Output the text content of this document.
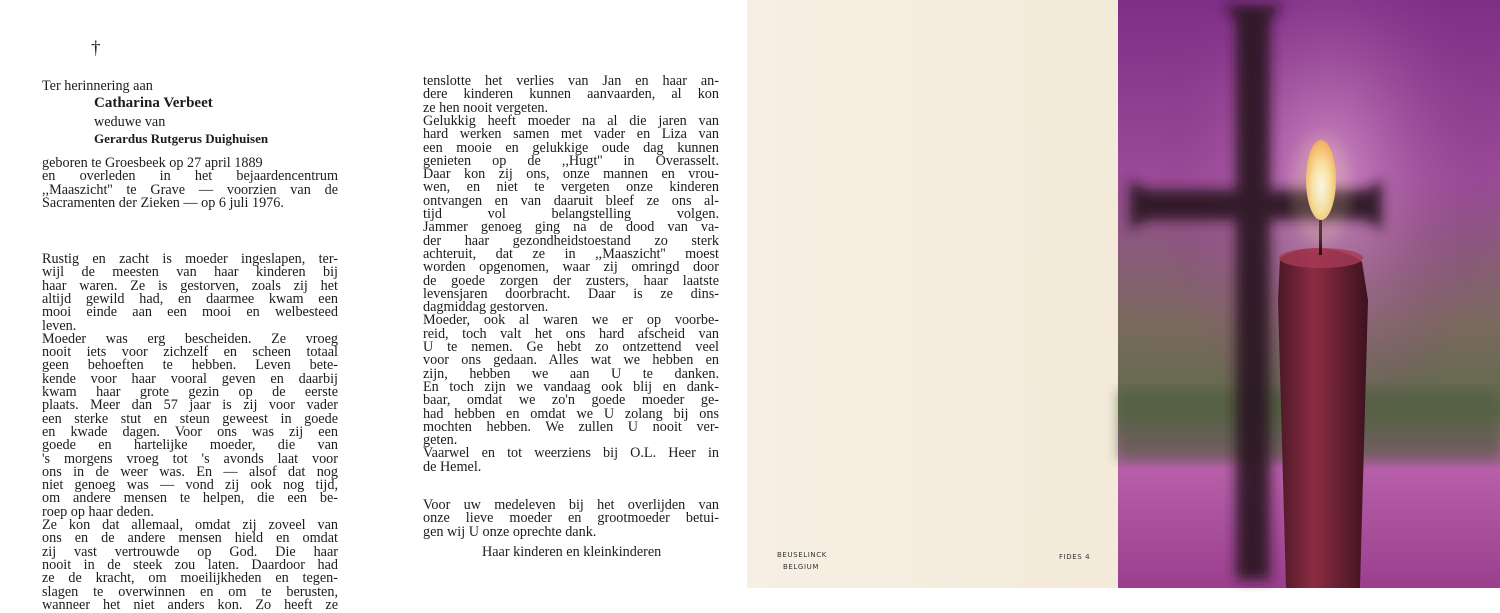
†
Ter herinnering aan
Catharina Verbeet
weduwe van
Gerardus Rutgerus Duighuisen
geboren te Groesbeek op 27 april 1889
en overleden in het bejaardencentrum
,,Maaszicht'' te Grave — voorzien van de
Sacramenten der Zieken — op 6 juli 1976.
Rustig en zacht is moeder ingeslapen, ter-
wijl de meesten van haar kinderen bij
haar waren. Ze is gestorven, zoals zij het
altijd gewild had, en daarmee kwam een
mooi einde aan een mooi en welbesteed
leven.
Moeder was erg bescheiden. Ze vroeg
nooit iets voor zichzelf en scheen totaal
geen behoeften te hebben. Leven bete-
kende voor haar vooral geven en daarbij
kwam haar grote gezin op de eerste
plaats. Meer dan 57 jaar is zij voor vader
een sterke stut en steun geweest in goede
en kwade dagen. Voor ons was zij een
goede en hartelijke moeder, die van
's morgens vroeg tot 's avonds laat voor
ons in de weer was. En — alsof dat nog
niet genoeg was — vond zij ook nog tijd,
om andere mensen te helpen, die een be-
roep op haar deden.
Ze kon dat allemaal, omdat zij zoveel van
ons en de andere mensen hield en omdat
zij vast vertrouwde op God. Die haar
nooit in de steek zou laten. Daardoor had
ze de kracht, om moeilijkheden en tegen-
slagen te overwinnen en om te berusten,
wanneer het niet anders kon. Zo heeft ze
tenslotte het verlies van Jan en haar an-
dere kinderen kunnen aanvaarden, al kon
ze hen nooit vergeten.
Gelukkig heeft moeder na al die jaren van
hard werken samen met vader en Liza van
een mooie en gelukkige oude dag kunnen
genieten op de ,,Hugt'' in Overasselt.
Daar kon zij ons, onze mannen en vrou-
wen, en niet te vergeten onze kinderen
ontvangen en van daaruit bleef ze ons al-
tijd vol belangstelling volgen.
Jammer genoeg ging na de dood van va-
der haar gezondheidstoestand zo sterk
achteruit, dat ze in ,,Maaszicht'' moest
worden opgenomen, waar zij omringd door
de goede zorgen der zusters, haar laatste
levensjaren doorbracht. Daar is ze dins-
dagmiddag gestorven.
Moeder, ook al waren we er op voorbe-
reid, toch valt het ons hard afscheid van
U te nemen. Ge hebt zo ontzettend veel
voor ons gedaan. Alles wat we hebben en
zijn, hebben we aan U te danken.
En toch zijn we vandaag ook blij en dank-
baar, omdat we zo'n goede moeder ge-
had hebben en omdat we U zolang bij ons
mochten hebben. We zullen U nooit ver-
geten.
Vaarwel en tot weerziens bij O.L. Heer in
de Hemel.
Voor uw medeleven bij het overlijden van
onze lieve moeder en grootmoeder betui-
gen wij U onze oprechte dank.
Haar kinderen en kleinkinderen	BEUSELINCK
BELGIUM
FIDES 4
